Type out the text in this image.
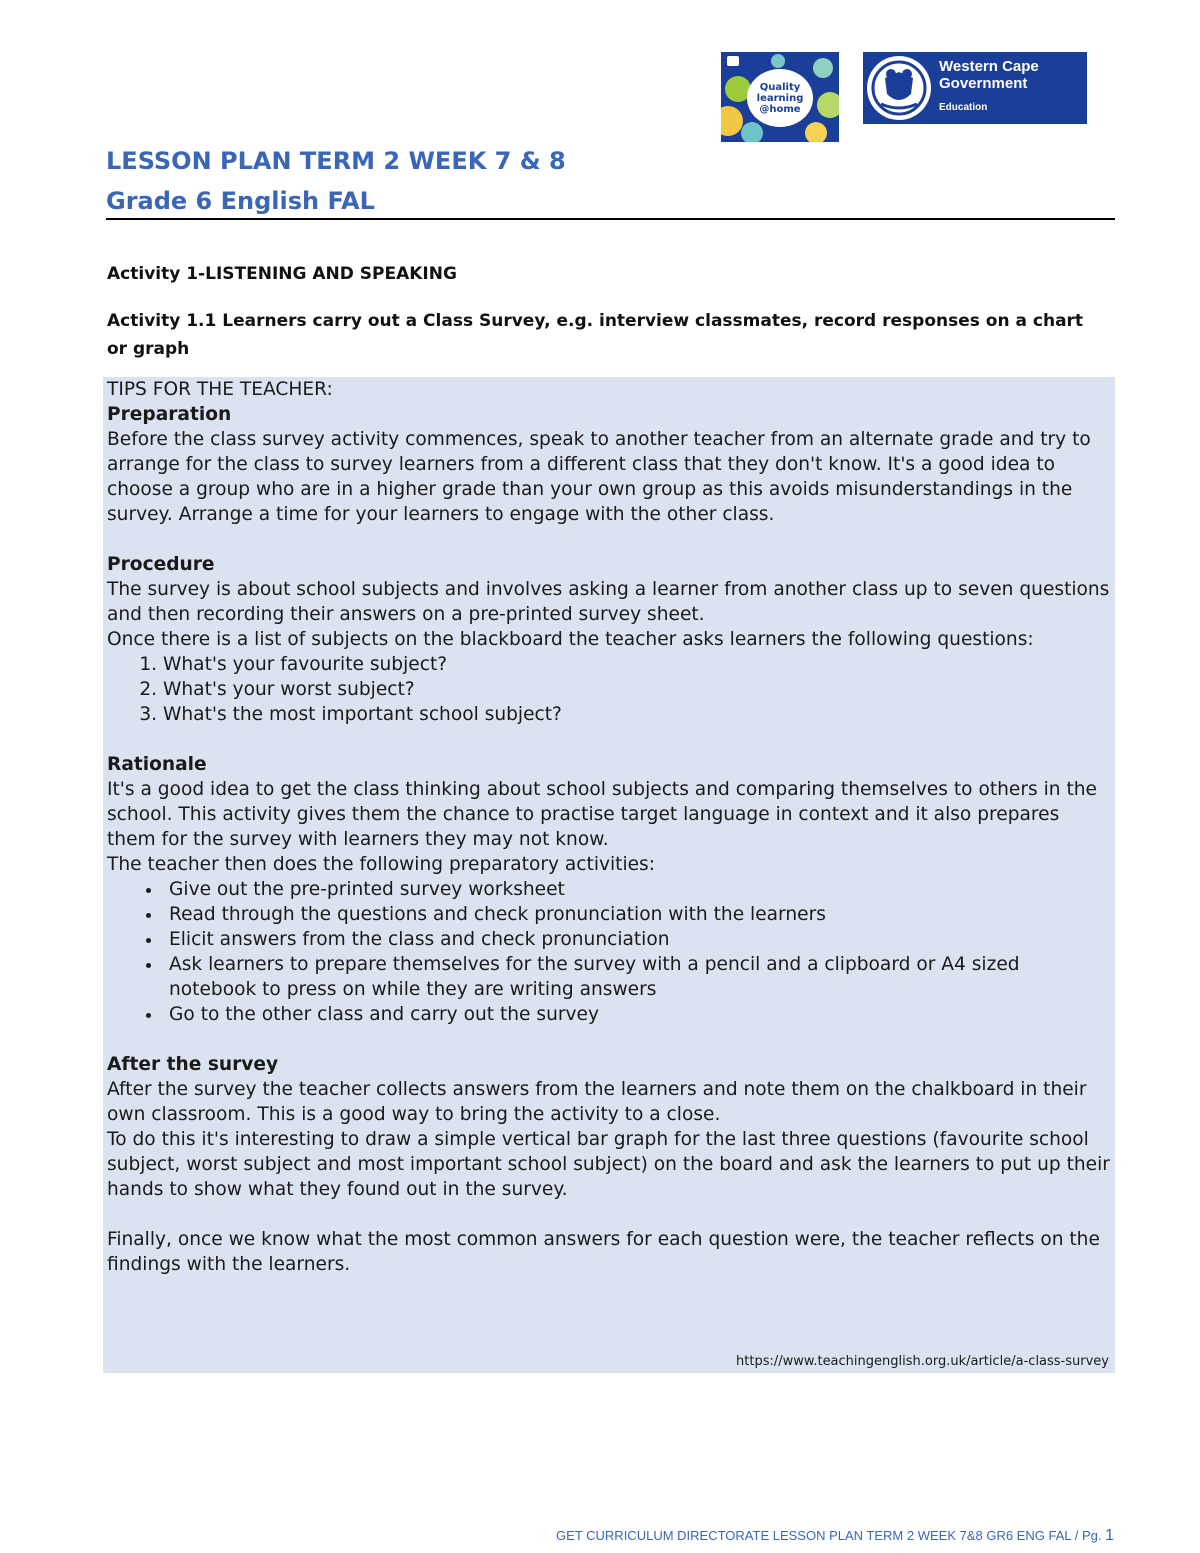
Quality
learning
@home
Western Cape
Government
Education
LESSON PLAN TERM 2 WEEK 7 & 8
Grade 6 English FAL
Activity 1-LISTENING AND SPEAKING
Activity 1.1 Learners carry out a Class Survey, e.g. interview classmates, record responses on a chart or graph

TIPS FOR THE TEACHER:

Preparation

Before the class survey activity commences, speak to another teacher from an alternate grade and try to arrange for the class to survey learners from a different class that they don't know. It's a good idea to choose a group who are in a higher grade than your own group as this avoids misunderstandings in the survey. Arrange a time for your learners to engage with the other class.

Procedure

The survey is about school subjects and involves asking a learner from another class up to seven questions and then recording their answers on a pre-printed survey sheet.

Once there is a list of subjects on the blackboard the teacher asks learners the following questions:

1. What's your favourite subject?
2. What's your worst subject?
3. What's the most important school subject?

Rationale

It's a good idea to get the class thinking about school subjects and comparing themselves to others in the school. This activity gives them the chance to practise target language in context and it also prepares them for the survey with learners they may not know.

The teacher then does the following preparatory activities:

• Give out the pre-printed survey worksheet
• Read through the questions and check pronunciation with the learners
• Elicit answers from the class and check pronunciation
• Ask learners to prepare themselves for the survey with a pencil and a clipboard or A4 sized notebook to press on while they are writing answers
• Go to the other class and carry out the survey

After the survey

After the survey the teacher collects answers from the learners and note them on the chalkboard in their own classroom. This is a good way to bring the activity to a close.

To do this it's interesting to draw a simple vertical bar graph for the last three questions (favourite school subject, worst subject and most important school subject) on the board and ask the learners to put up their hands to show what they found out in the survey.

Finally, once we know what the most common answers for each question were, the teacher reflects on the findings with the learners.

https://www.teachingenglish.org.uk/article/a-class-survey
GET CURRICULUM DIRECTORATE LESSON PLAN TERM 2 WEEK 7&8 GR6 ENG FAL / Pg. 1
